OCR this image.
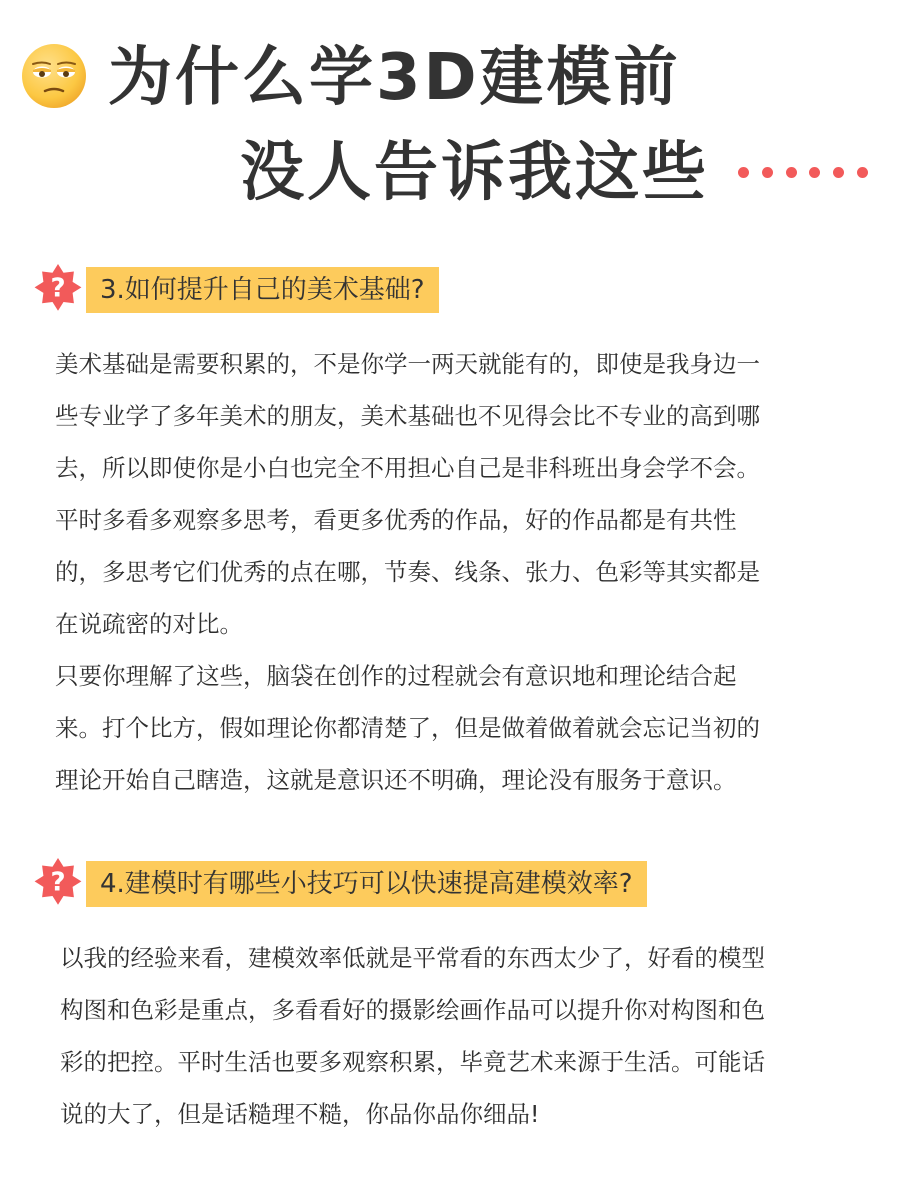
为什么学3D建模前
没人告诉我这些
?	3.如何提升自己的美术基础?

美术基础是需要积累的，不是你学一两天就能有的，即使是我身边一
些专业学了多年美术的朋友，美术基础也不见得会比不专业的高到哪
去，所以即使你是小白也完全不用担心自己是非科班出身会学不会。
平时多看多观察多思考，看更多优秀的作品，好的作品都是有共性
的，多思考它们优秀的点在哪，节奏、线条、张力、色彩等其实都是
在说疏密的对比。
只要你理解了这些，脑袋在创作的过程就会有意识地和理论结合起
来。打个比方，假如理论你都清楚了，但是做着做着就会忘记当初的
理论开始自己瞎造，这就是意识还不明确，理论没有服务于意识。

?	4.建模时有哪些小技巧可以快速提高建模效率?

以我的经验来看，建模效率低就是平常看的东西太少了，好看的模型
构图和色彩是重点，多看看好的摄影绘画作品可以提升你对构图和色
彩的把控。平时生活也要多观察积累，毕竟艺术来源于生活。可能话
说的大了，但是话糙理不糙，你品你品你细品!
